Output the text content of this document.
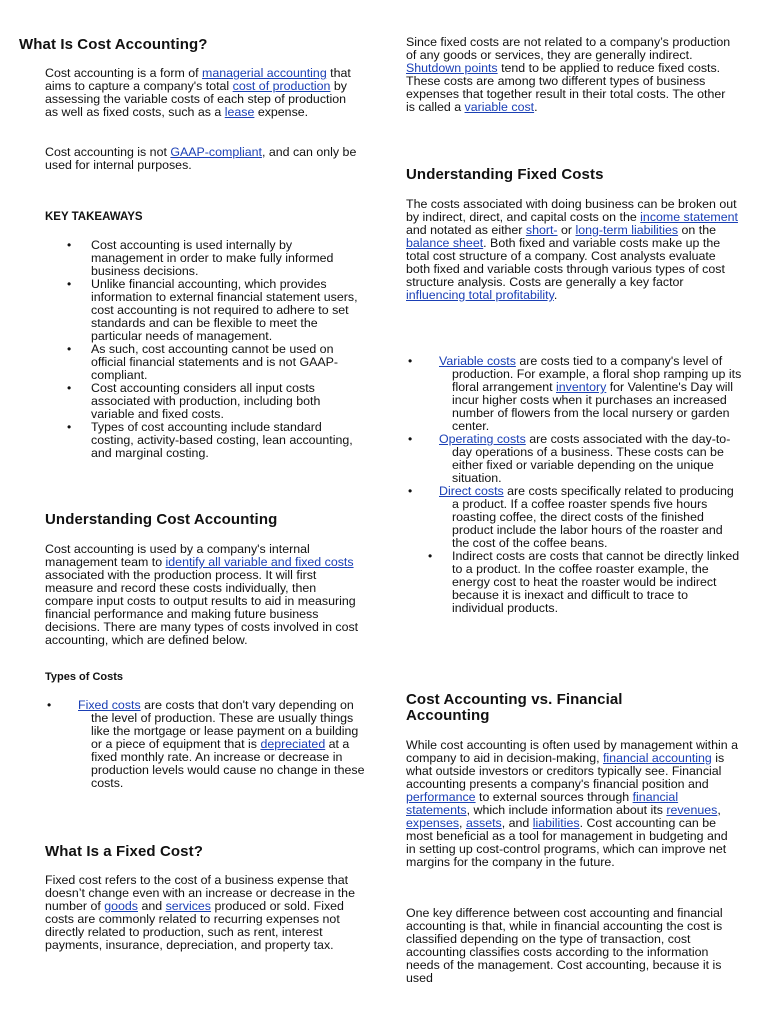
What Is Cost Accounting?

Cost accounting is a form of managerial accounting that aims to capture a company's total cost of production by assessing the variable costs of each step of production as well as fixed costs, such as a lease expense.

Cost accounting is not GAAP-compliant, and can only be used for internal purposes.

KEY TAKEAWAYS
• Cost accounting is used internally by management in order to make fully informed business decisions.
• Unlike financial accounting, which provides information to external financial statement users, cost accounting is not required to adhere to set standards and can be flexible to meet the particular needs of management.
• As such, cost accounting cannot be used on official financial statements and is not GAAP-compliant.
• Cost accounting considers all input costs associated with production, including both variable and fixed costs.
• Types of cost accounting include standard costing, activity-based costing, lean accounting, and marginal costing.
Understanding Cost Accounting

Cost accounting is used by a company's internal management team to identify all variable and fixed costs associated with the production process. It will first measure and record these costs individually, then compare input costs to output results to aid in measuring financial performance and making future business decisions. There are many types of costs involved in cost accounting, which are defined below.

Types of Costs
• Fixed costs are costs that don't vary depending on the level of production. These are usually things like the mortgage or lease payment on a building or a piece of equipment that is depreciated at a fixed monthly rate. An increase or decrease in production levels would cause no change in these costs.
What Is a Fixed Cost?

Fixed cost refers to the cost of a business expense that doesn’t change even with an increase or decrease in the number of goods and services produced or sold. Fixed costs are commonly related to recurring expenses not directly related to production, such as rent, interest payments, insurance, depreciation, and property tax.

Since fixed costs are not related to a company’s production of any goods or services, they are generally indirect. Shutdown points tend to be applied to reduce fixed costs. These costs are among two different types of business expenses that together result in their total costs. The other is called a variable cost.

Understanding Fixed Costs

The costs associated with doing business can be broken out by indirect, direct, and capital costs on the income statement and notated as either short- or long-term liabilities on the balance sheet. Both fixed and variable costs make up the total cost structure of a company. Cost analysts evaluate both fixed and variable costs through various types of cost structure analysis. Costs are generally a key factor influencing total profitability.

• Variable costs are costs tied to a company's level of production. For example, a floral shop ramping up its floral arrangement inventory for Valentine's Day will incur higher costs when it purchases an increased number of flowers from the local nursery or garden center.
• Operating costs are costs associated with the day-to-day operations of a business. These costs can be either fixed or variable depending on the unique situation.
• Direct costs are costs specifically related to producing a product. If a coffee roaster spends five hours roasting coffee, the direct costs of the finished product include the labor hours of the roaster and the cost of the coffee beans.
• Indirect costs are costs that cannot be directly linked to a product. In the coffee roaster example, the energy cost to heat the roaster would be indirect because it is inexact and difficult to trace to individual products.
Cost Accounting vs. Financial Accounting

While cost accounting is often used by management within a company to aid in decision-making, financial accounting is what outside investors or creditors typically see. Financial accounting presents a company's financial position and performance to external sources through financial statements, which include information about its revenues, expenses, assets, and liabilities. Cost accounting can be most beneficial as a tool for management in budgeting and in setting up cost-control programs, which can improve net margins for the company in the future.

One key difference between cost accounting and financial accounting is that, while in financial accounting the cost is classified depending on the type of transaction, cost accounting classifies costs according to the information needs of the management. Cost accounting, because it is used
